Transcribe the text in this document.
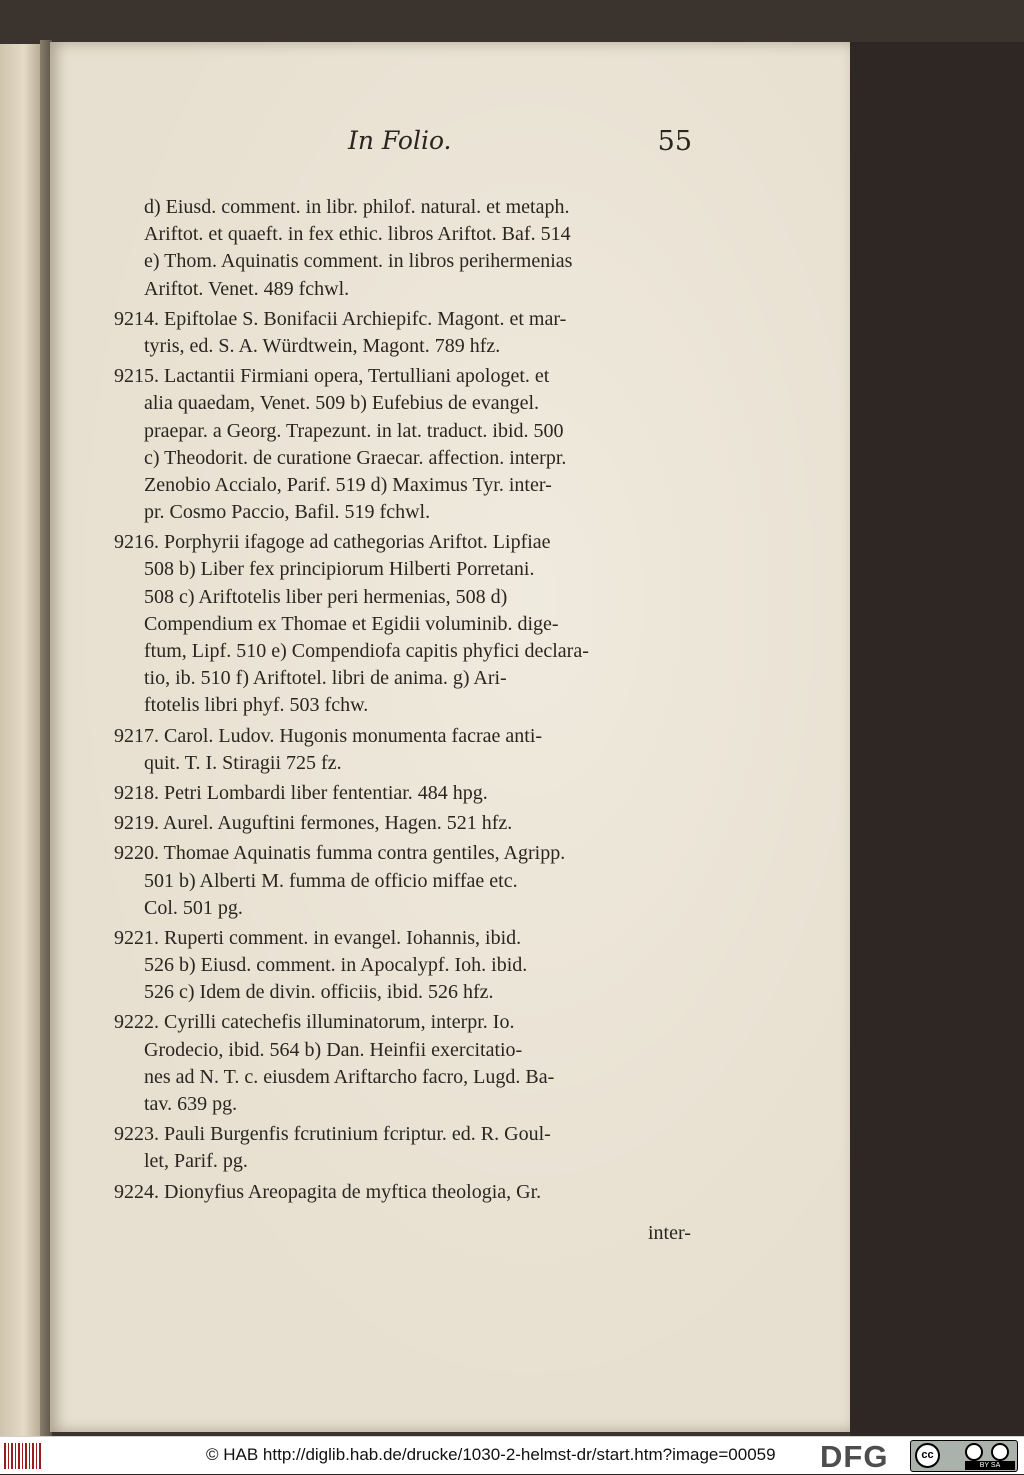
In Folio.	55
d) Eiusd. comment. in libr. philof. natural. et metaph.
Ariftot. et quaeft. in fex ethic. libros Ariftot. Baf. 514
e) Thom. Aquinatis comment. in libros perihermenias
Ariftot. Venet. 489 fchwl.
9214. Epiftolae S. Bonifacii Archiepifc. Magont. et mar-
tyris, ed. S. A. Würdtwein, Magont. 789 hfz.
9215. Lactantii Firmiani opera, Tertulliani apologet. et
alia quaedam, Venet. 509 b) Eufebius de evangel.
praepar. a Georg. Trapezunt. in lat. traduct. ibid. 500
c) Theodorit. de curatione Graecar. affection. interpr.
Zenobio Accialo, Parif. 519 d) Maximus Tyr. inter-
pr. Cosmo Paccio, Bafil. 519 fchwl.
9216. Porphyrii ifagoge ad cathegorias Ariftot. Lipfiae
508 b) Liber fex principiorum Hilberti Porretani.
508 c) Ariftotelis liber peri hermenias, 508 d)
Compendium ex Thomae et Egidii voluminib. dige-
ftum, Lipf. 510 e) Compendiofa capitis phyfici declara-
tio, ib. 510 f) Ariftotel. libri de anima. g) Ari-
ftotelis libri phyf. 503 fchw.
9217. Carol. Ludov. Hugonis monumenta facrae anti-
quit. T. I. Stiragii 725 fz.
9218. Petri Lombardi liber fententiar. 484 hpg.
9219. Aurel. Auguftini fermones, Hagen. 521 hfz.
9220. Thomae Aquinatis fumma contra gentiles, Agripp.
501 b) Alberti M. fumma de officio miffae etc.
Col. 501 pg.
9221. Ruperti comment. in evangel. Iohannis, ibid.
526 b) Eiusd. comment. in Apocalypf. Ioh. ibid.
526 c) Idem de divin. officiis, ibid. 526 hfz.
9222. Cyrilli catechefis illuminatorum, interpr. Io.
Grodecio, ibid. 564 b) Dan. Heinfii exercitatio-
nes ad N. T. c. eiusdem Ariftarcho facro, Lugd. Ba-
tav. 639 pg.
9223. Pauli Burgenfis fcrutinium fcriptur. ed. R. Goul-
let, Parif. pg.
9224. Dionyfius Areopagita de myftica theologia, Gr.
inter-
© HAB http://diglib.hab.de/drucke/1030-2-helmst-dr/start.htm?image=00059 DFG	cc
BY SA
